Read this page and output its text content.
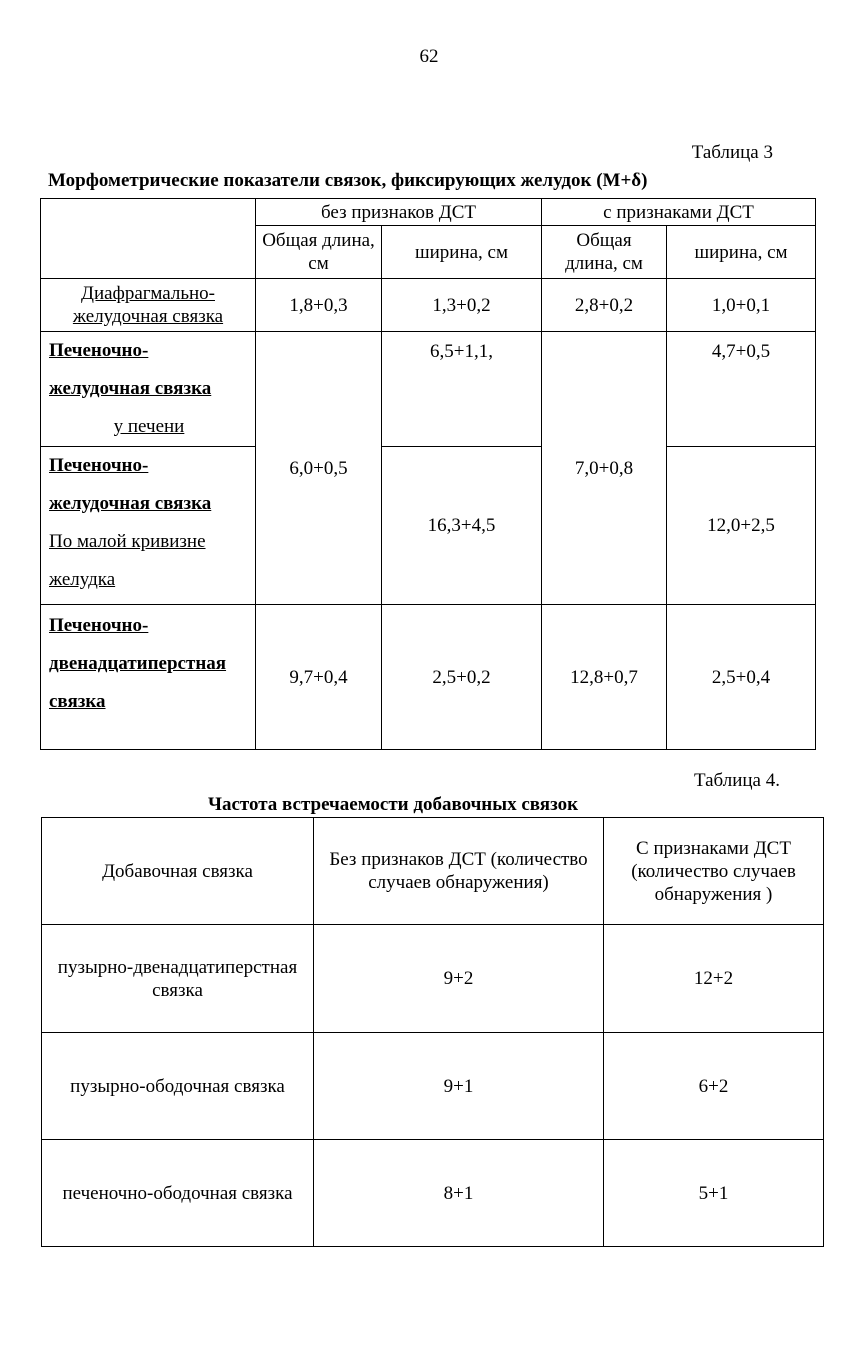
62
Таблица 3
Морфометрические показатели связок, фиксирующих желудок (М+δ)
	без признаков ДСТ		с признаками ДСТ	
	Общая длина, см	ширина, см	Общая длина, см	ширина, см
Диафрагмально-желудочная связка	1,8+0,3	1,3+0,2	2,8+0,2	1,0+0,1
Печеночно-желудочная связка

у печени	6,0+0,5	6,5+1,1,	7,0+0,8	4,7+0,5
Печеночно-желудочная связка
По малой кривизне желудка		16,3+4,5		12,0+2,5
Печеночно-двенадцатиперстная связка	9,7+0,4	2,5+0,2	12,8+0,7	2,5+0,4
Таблица 4.
Частота встречаемости добавочных связок
Добавочная связка	Без признаков ДСТ (количество случаев обнаружения)	С признаками ДСТ (количество случаев обнаружения )
пузырно-двенадцатиперстная связка	9+2	12+2
пузырно-ободочная связка	9+1	6+2
печеночно-ободочная связка	8+1	5+1
